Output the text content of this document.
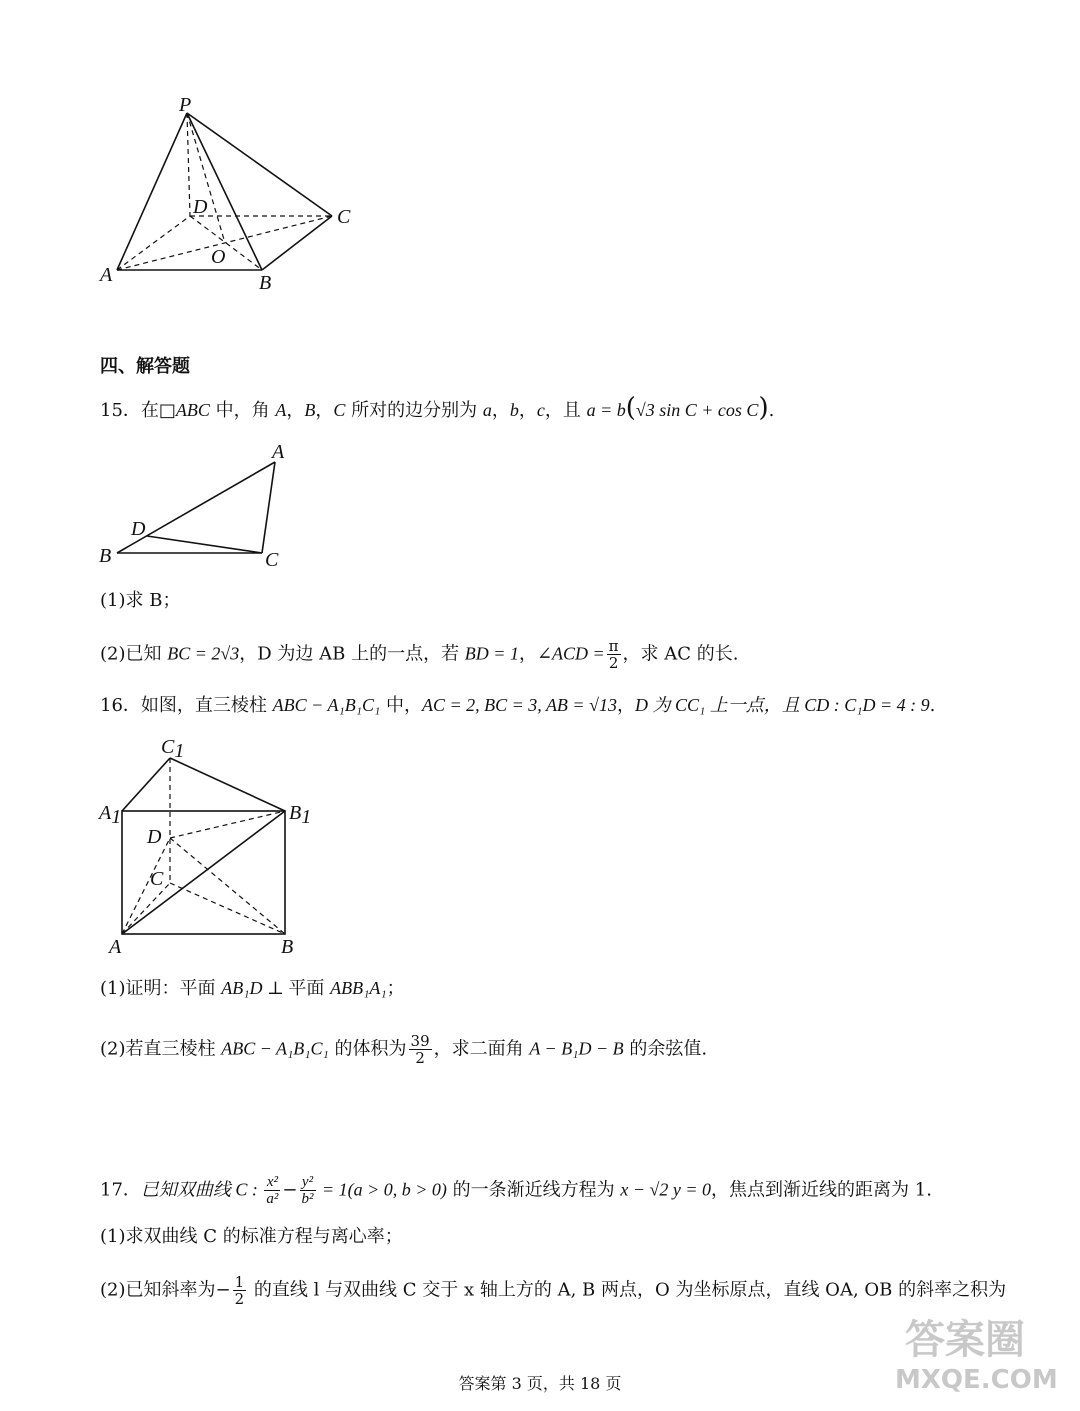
P
D	C
O
A	B
四、解答题
15．在□ABC 中，角 A，B，C 所对的边分别为 a，b，c，且 a = b(√3 sin C + cos C).
A
D
B	C
(1)求 B；
(2)已知 BC = 2√3，D 为边 AB 上的一点，若 BD = 1，∠ACD = $\frac{\pi}{2}$ ，求 AC 的长.
16．如图，直三棱柱 ABC − A₁B₁C₁ 中，AC = 2, BC = 3, AB = √13，D 为 CC₁ 上一点，且 CD : C₁D = 4 : 9.
C1
A1	B1
D
C
A	B
(1)证明：平面 AB₁D ⊥ 平面 ABB₁A₁；
(2)若直三棱柱 ABC − A₁B₁C₁ 的体积为 $\frac{39}{2}$ ，求二面角 A − B₁D − B 的余弦值.
17．已知双曲线 C : $\frac{\text{x²}}{\text{a²}} - \frac{\text{y²}}{\text{b²}} = 1(a > 0$, b > 0) 的一条渐近线方程为 x − √2 y = 0，焦点到渐近线的距离为 1.
(1)求双曲线 C 的标准方程与离心率；
(2)已知斜率为− $\frac{1}{2}$ 的直线 l 与双曲线 C 交于 x 轴上方的 A, B 两点，O 为坐标原点，直线 OA, OB 的斜率之积为
答案第 3 页，共 18 页
答案圈
MXQE.COM
